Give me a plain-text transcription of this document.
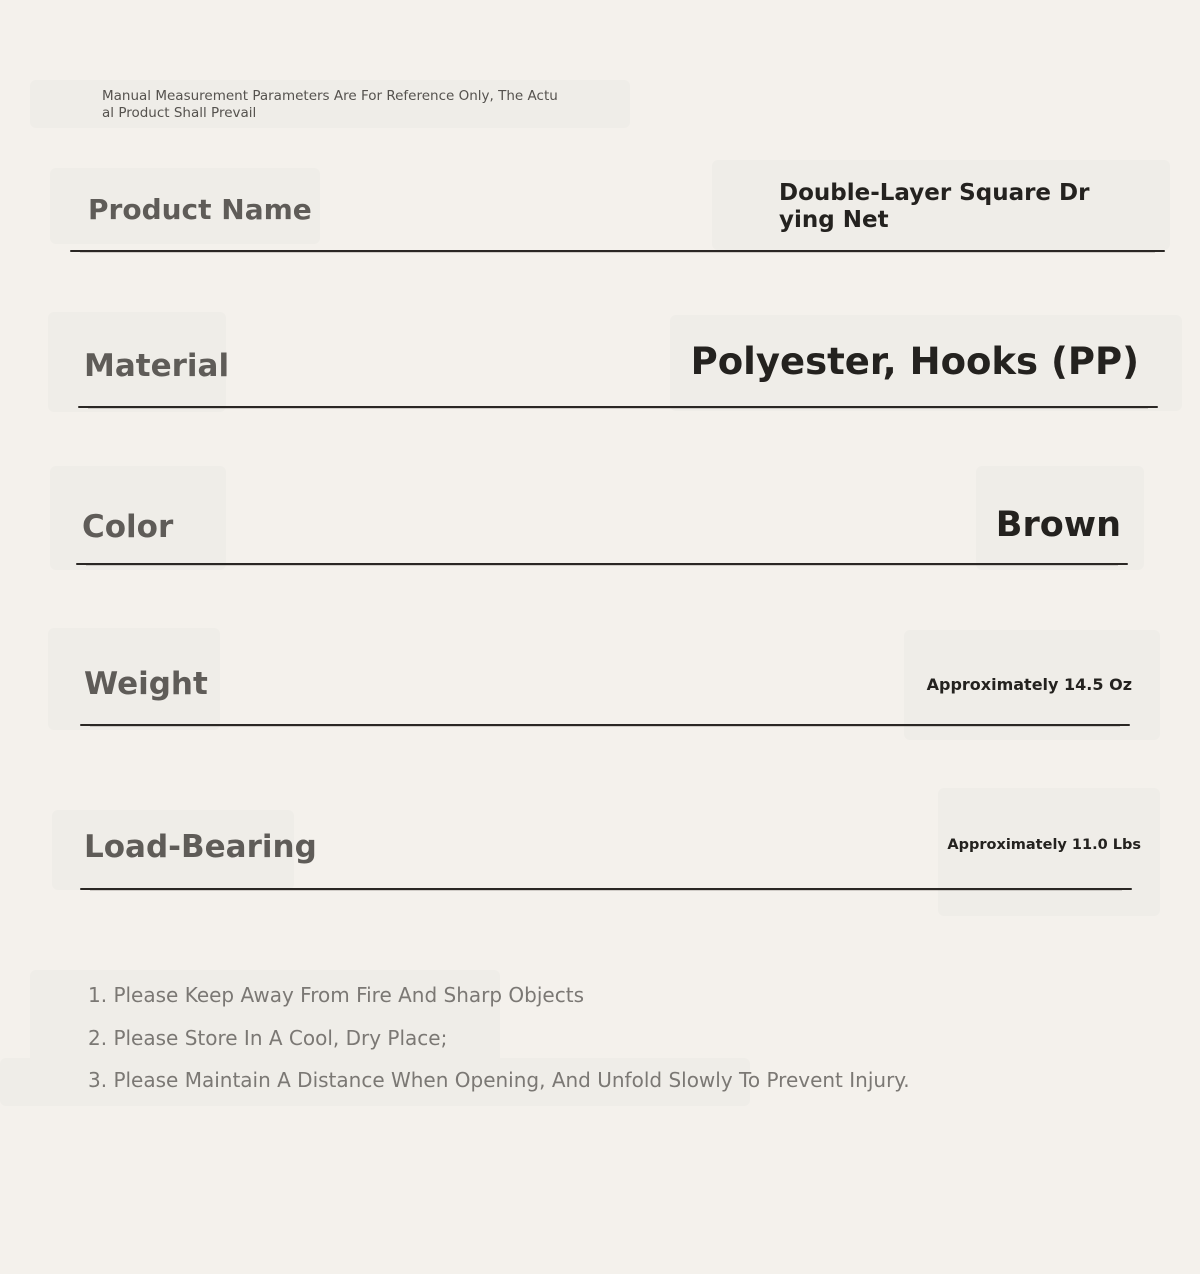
Manual Measurement Parameters Are For Reference Only, The Actual Product Shall Prevail
Product Name	Double-Layer Square Drying Net
Material	Polyester, Hooks (PP)
Color	Brown
Weight	Approximately 14.5 Oz
Load-Bearing	Approximately 11.0 Lbs
1. Please Keep Away From Fire And Sharp Objects
2. Please Store In A Cool, Dry Place;
3. Please Maintain A Distance When Opening, And Unfold Slowly To Prevent Injury.
